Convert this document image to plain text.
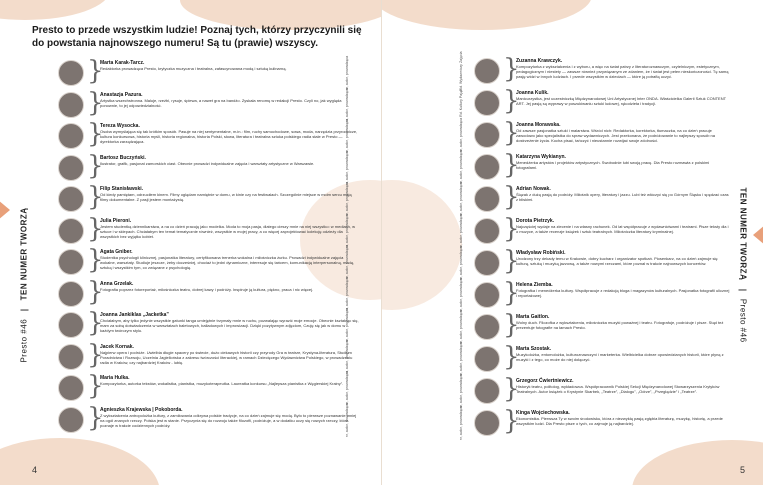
Presto to przede wszystkim ludzie! Poznaj tych, którzy przyczynili się do powstania najnowszego numeru! Są tu (prawie) wszyscy.
Presto #46  TEN NUMER TWORZĄ
}
Marta Karak-Tarcz.
Redaktorka prowadząca Presto, krytyczka muzyczna i teatralna, zafascynowana modą i sztuką kulinarną.	nr, autor, prowadząca
}
Anastazja Pazura.
Artystka wszechstronna. Maluje, rzeźbi, rysuje, śpiewa, a nawet gra na bandżo. Zyskała renomę w redakcji Presto. Czyli no, jak wygląda ponownie, to jej odpowiedzialność.	nr, autor, prowadząca
}
Tereza Wysocka.
Osoba wymyślająca się tak krótkim sposób. Pasuje na niej sentymentalne, m.in.: film, ruchy samochodowe, sowa, moda, narzędzia przyrodnicze, kultura konkursowa, historia myśli, historia regionalna, historia Polski, słowa, literatura i teatralna sztuka polskiego radia stale w Presto — dyrektorka zarządzająca.	nr, autor, prowadząca
}
Bartosz Buczyński.
Ilustrator, grafik, pasjonat zamorskich ciast. Obecnie prowadzi indywidualne zajęcia i warsztaty artystyczne w Warszawie.	nr, autor, prowadząca
}
Filip Stanisławski.
Od kiedy pamiętam, odrzuciłem kinem. Filmy oglądam namiętnie w domu, w kinie czy na festiwalach. Szczególnie miejsce w moim sercu mają filmy dokumentalne. Z pasji jestem montażystą.	nr, autor, prowadząca
}
Julia Pieroni.
Jestem studentką dziennikarstwa, a na co dzień pracuję jako modelka. Moda to moja pasja, dlatego cieszy mnie na niej wszystko: w mediach, w sztuce i w sklepach. Chciałabym ten temat tematycznie również, wszystkie w mojej pracy, a co więcej zaprojektować kolekcję odzieży dla wszystkich bez wyjątku kobiet.	nr, autor, prowadząca
}
Agata Gniber.
Studentka psychologii klinicznej, pasjonatka literatury, certyfikowana trenerka wokalna i miłośniczka żurku. Prowadzi indywidualne zajęcia wokalne, warsztaty. Studiuje jeszcze, żeby docześniej, chociaż to jedni dynamiczne, interesuje się tańcem, komunikacją interpersonalną, modą, sztuką i wszystkim tym, co związane z psychologią.	nr, autor, prowadząca
}
Anna Grzelak.
Fotografia poprzez fotoreportaż, miłośniczka teatru, dobrej kawy i podróży. Inspiruje ją kultura, piękno, praca i nic więcej.	nr, autor, prowadząca
}
Joanna Jankiklas „Jacketka”
Chciałabym, aby tylko jedynie wszystkie gatunki tanga umiejętnie trzymały mnie w ruchu, pozwalając wyrazić moje emocje. Obecnie kształcąc się, mam za sobą doświadczenia w warsztatach baletowych, balladowych i improwizacji. Dzięki pozytywnym zdjęciom, Czuję się jak w domu w każdym twórczym stylu.	nr, autor, prowadząca
}
Jacek Kornak.
Najpierw opera i podróże. Uwielbia długie spacery po świecie, dużo ciekawych historii czy przyrody Gra w teatrze, Krystyna-literatura, Studium Poradnictwa i Rozwoju, Uczelnia Jagiellońska z zakresu twórczości literackiej, w ramach Dziecięcego Wydawnictwa Polskiego, w prowadzeniu radia w Kraków, czy najbardziej Kraków - lubię.	nr, autor, prowadząca
}
Maria Hulka.
Kompozytorka, autorka tekstów, wokalistka, pianistka, muzykoterapeutka. Laureatka konkursu „Najlepsza pianistka z Węgierskiej Krainy”. nr, autor, prowadząca
}
Agnieszka Krajewska | Pokoborda.
Z wykształcenia antropolożka kultury, z zamiłowania odkrywa polskie tradycje, na co dzień zajmuje się modą. Było to pierwsze poznawanie mniej na ogół znanych rzeczy. Polska jest w stanie. Przyczynia się do rozwoju także filozofii, podróżuje, a w dodatku uczy się nowych rzeczy, które poznaje w trakcie codziennych podróży.	nr, autor, prowadząca
4
TEN NUMER TWORZĄ  Presto #46
}
Zuzanna Krawczyk.
Kompozytorka z wykształcenia i z wyboru, a więc na świat patrzy z literaturoznawczym, czytelniczym, estetycznym, pedagogicznym i niestety — zawsze również przywiązanym ze zdaniem, że i świat jest pełen nieskończoności. Tę samą pasję widzi w innych ludziach. I przede wszystkim w dzieciach — które ją potrafią uczyć.
Rd. Wydawniczy Zajęcia
}
Joanna Kulik.
Manicurzystka, jest uczestniczką Międzynarodowej Uni Artystycznej Inter ONDA. Właścicielka Galerii Sztuk CONTENT ART. Jej pasją są wyprawy w poszukiwaniu sztuki ludowej, rękodzieła i tradycji.
Rd. Kultury Pająk
}
Joanna Morawska.
Od zawsze pasjonatka sztuki i malarstwa. Wśród nich: Redaktorka, korektorka, tłumaczka, na co dzień pracuje zawodowo jako specjalistka do spraw wydawniczych. Jest przekonana, że podróżowanie to najlepszy sposób na dostrzeżenie życia. Kocha pisać, tańczyć i nieustannie rozwijać swoje zdolności.
nr, autor, prowadząca
}
Katarzyna Wykianyn.
Menedżerka artystów i projektów artystycznych. Swobodnie lubi swoją pracę. Dla Presto rozmawia z polskimi fotografami.
nr, autor, prowadząca
}
Adrian Nowak.
Ślązak z dużą pasją do podróży. Miłośnik opery, literatury i jazzu. Lubi też włóczyć się po Górnym Śląsku i spędzać czas z bliskimi.
nr, autor, prowadząca
}
Dorota Pietrzyk.
Najczęściej wydaje na zlecenie i na własny rachunek. Od lat współpracuje z wydawnictwami i teatrami. Pisze teksty dla i o muzyce, a także recenzje książek i sztuk teatralnych. Miłośniczka literatury kryminalnej.
nr, autor, prowadząca
}
Władysław Robiński.
Urodzony trzy dekady temu w Krakowie, dobry kucharz i organizator spotkań. Piosenkarz, na co dzień zajmuje się kulturą, sztuką i muzyką jazzową, a także nowymi rzeczami, które poznał w trakcie najnowszych koncertów.
nr, autor, prowadząca
}
Helena Ziemba.
Fotografka i menedżerka kultury. Współpracuje z redakcją bloga i magazynów kulturalnych. Pasjonatka fotografii ulicznej i reportażowej.
nr, autor, prowadząca
}
Marta Gaitlon.
Wolny duch. Filozofka z wykształcenia, miłośniczka muzyki poważnej i teatru. Fotografuje, podróżuje i pisze. Stąd też prezentuje fotografie na łamach Presto.
nr, autor, prowadząca
}
Marta Szostak.
Muzykolożka, entomolożka, kulturoznawczyni i marketerka. Wielbicielka dobrze opowiedzianych historii, które płyną z muzyki i z tego, co może do niej dołączyć.
nr, autor, prowadząca
}
Grzegorz Ćwiertniewicz.
Historyk teatru, politolog, wykładowca. Współpracownik Polskiej Sekcji Międzynarodowej Stowarzyszenia Krytyków Teatralnych. Autor książek o Krystynie Skarbek, „Teatrze”, „Dialogu”, „Odrze”, „Przeglądzie” i „Teatrze”.
nr, autor, prowadząca
}
Kinga Wojciechowska.
Ekonomistka. Pierwsza Ty w swoim środowisku, która z niezwykłą pasją zgłębia literaturę, muzykę, historię, a przede wszystkim ludzi. Dla Presto pisze o tych, co zajmuje ją najbardziej.
nr, autor, prowadząca
5
